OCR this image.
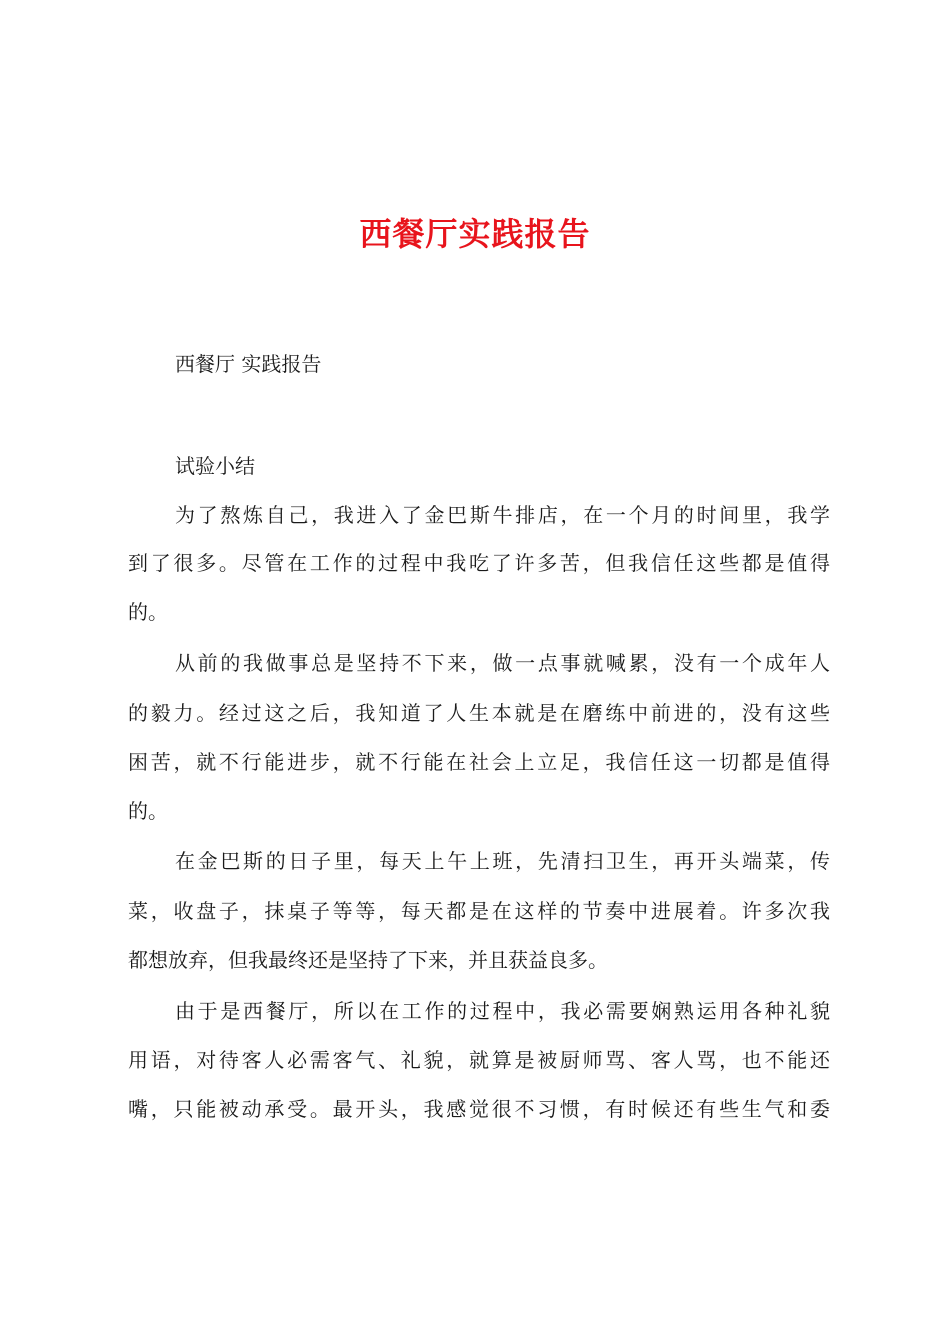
西餐厅实践报告
西餐厅 实践报告
试验小结
为了熬炼自己，我进入了金巴斯牛排店，在一个月的时间里，我学
到了很多。尽管在工作的过程中我吃了许多苦，但我信任这些都是值得
的。
从前的我做事总是坚持不下来，做一点事就喊累，没有一个成年人
的毅力。经过这之后，我知道了人生本就是在磨练中前进的，没有这些
困苦，就不行能进步，就不行能在社会上立足，我信任这一切都是值得
的。
在金巴斯的日子里，每天上午上班，先清扫卫生，再开头端菜，传
菜，收盘子，抹桌子等等，每天都是在这样的节奏中进展着。许多次我
都想放弃，但我最终还是坚持了下来，并且获益良多。
由于是西餐厅，所以在工作的过程中，我必需要娴熟运用各种礼貌
用语，对待客人必需客气、礼貌，就算是被厨师骂、客人骂，也不能还
嘴，只能被动承受。最开头，我感觉很不习惯，有时候还有些生气和委
